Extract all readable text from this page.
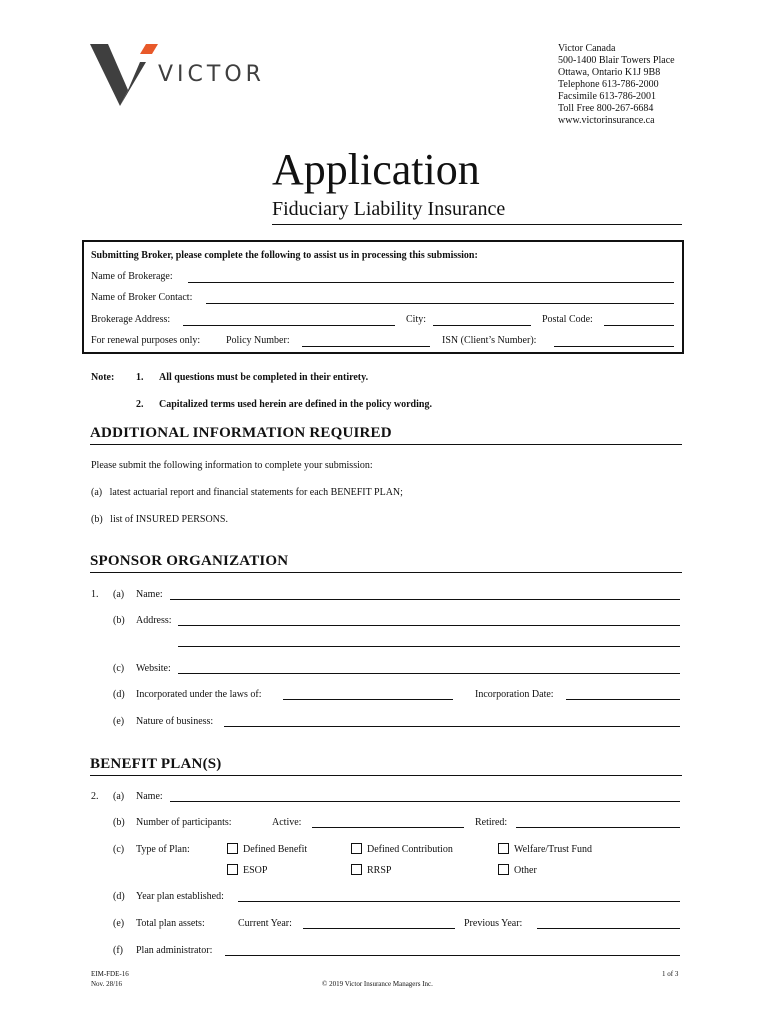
VICTOR
Victor Canada
500-1400 Blair Towers Place
Ottawa, Ontario K1J 9B8
Telephone 613-786-2000
Facsimile 613-786-2001
Toll Free 800-267-6684
www.victorinsurance.ca
Application
Fiduciary Liability Insurance
Submitting Broker, please complete the following to assist us in processing this submission:
Name of Brokerage:
Name of Broker Contact:
Brokerage Address:	City:	Postal Code:
For renewal purposes only:	Policy Number:	ISN (Client’s Number):
Note: 1. All questions must be completed in their entirety.
2. Capitalized terms used herein are defined in the policy wording.
ADDITIONAL INFORMATION REQUIRED
Please submit the following information to complete your submission:
(a)   latest actuarial report and financial statements for each BENEFIT PLAN;
(b)   list of INSURED PERSONS.
SPONSOR ORGANIZATION
1. (a) Name:
(b) Address:
(c) Website:
(d) Incorporated under the laws of:	Incorporation Date:
(e) Nature of business:
BENEFIT PLAN(S)
2. (a) Name:
(b) Number of participants:	Active:	Retired:
(c) Type of Plan:	Defined Benefit	Defined Contribution	Welfare/Trust Fund
ESOP	RRSP	Other
(d) Year plan established:
(e) Total plan assets:	Current Year:	Previous Year:
(f) Plan administrator:
EIM-FDE-16
Nov. 28/16	© 2019 Victor Insurance Managers Inc.
1 of 3
